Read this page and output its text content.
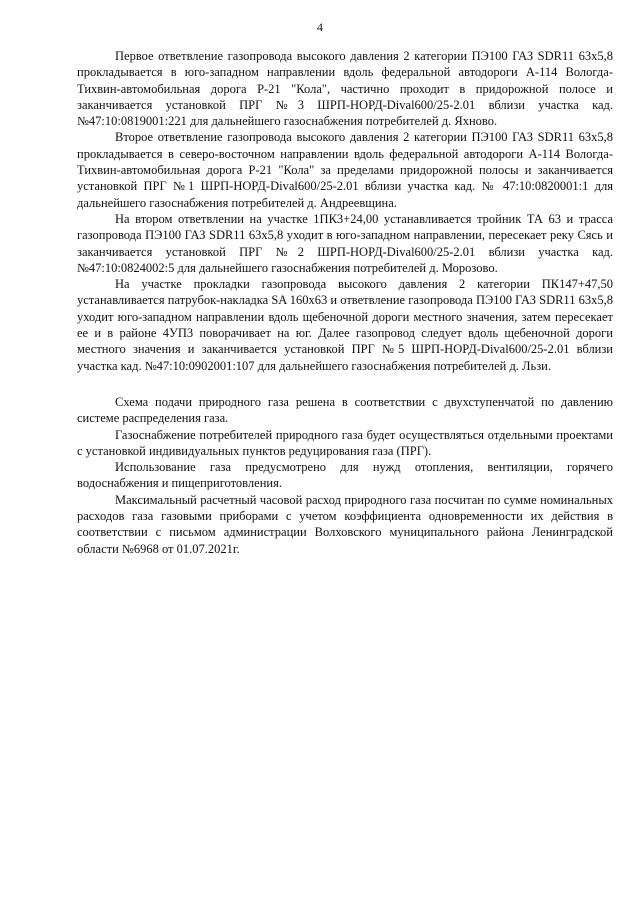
4

Первое ответвление газопровода высокого давления 2 категории ПЭ100 ГАЗ SDR11 63х5,8 прокладывается в юго-западном направлении вдоль федеральной автодороги А-114 Вологда-Тихвин-автомобильная дорога Р-21 "Кола", частично проходит в придорожной полосе и заканчивается установкой ПРГ №3 ШРП-НОРД-Dival600/25-2.01 вблизи участка кад. №47:10:0819001:221 для дальнейшего газоснабжения потребителей д. Яхново.

Второе ответвление газопровода высокого давления 2 категории ПЭ100 ГАЗ SDR11 63х5,8 прокладывается в северо-восточном направлении вдоль федеральной автодороги А-114 Вологда-Тихвин-автомобильная дорога Р-21 "Кола" за пределами придорожной полосы и заканчивается установкой ПРГ №1 ШРП-НОРД-Dival600/25-2.01 вблизи участка кад. № 47:10:0820001:1 для дальнейшего газоснабжения потребителей д. Андреевщина.

На втором ответвлении на участке 1ПК3+24,00 устанавливается тройник ТА 63 и трасса газопровода ПЭ100 ГАЗ SDR11 63х5,8 уходит в юго-западном направлении, пересекает реку Сясь и заканчивается установкой ПРГ №2 ШРП-НОРД-Dival600/25-2.01 вблизи участка кад. №47:10:0824002:5 для дальнейшего газоснабжения потребителей д. Морозово.

На участке прокладки газопровода высокого давления 2 категории ПК147+47,50 устанавливается патрубок-накладка SA 160х63 и ответвление газопровода ПЭ100 ГАЗ SDR11 63х5,8 уходит юго-западном направлении вдоль щебеночной дороги местного значения, затем пересекает ее и в районе 4УП3 поворачивает на юг. Далее газопровод следует вдоль щебеночной дороги местного значения и заканчивается установкой ПРГ №5 ШРП-НОРД-Dival600/25-2.01 вблизи участка кад. №47:10:0902001:107 для дальнейшего газоснабжения потребителей д. Льзи.

Схема подачи природного газа решена в соответствии с двухступенчатой по давлению системе распределения газа.

Газоснабжение потребителей природного газа будет осуществляться отдельными проектами с установкой индивидуальных пунктов редуцирования газа (ПРГ).

Использование газа предусмотрено для нужд отопления, вентиляции, горячего водоснабжения и пищеприготовления.

Максимальный расчетный часовой расход природного газа посчитан по сумме номинальных расходов газа газовыми приборами с учетом коэффициента одновременности их действия в соответствии с письмом администрации Волховского муниципального района Ленинградской области №6968 от 01.07.2021г.
